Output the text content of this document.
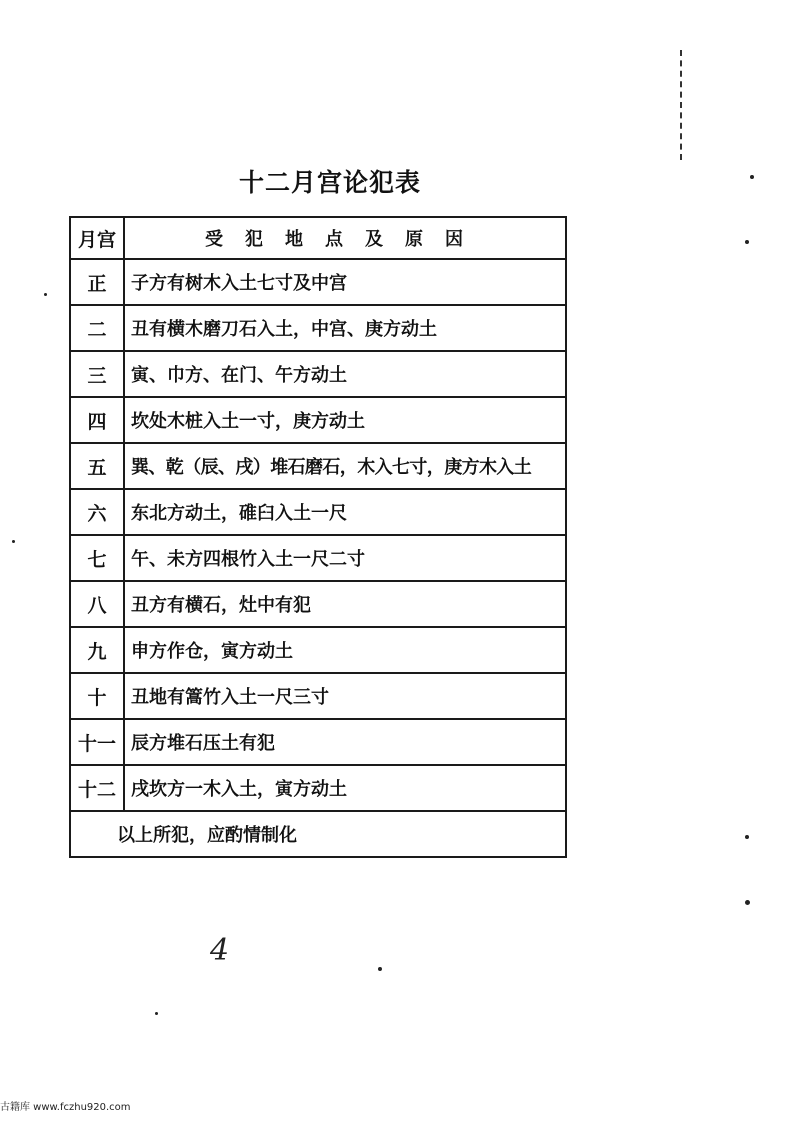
十二月宫论犯表
月宫	受犯地点及原因
正	子方有树木入土七寸及中宫
二	丑有横木磨刀石入土，中宫、庚方动土
三	寅、巾方、在门、午方动土
四	坎处木桩入土一寸，庚方动土
五	巽、乾（辰、戌）堆石磨石，木入七寸，庚方木入土
六	东北方动土，碓臼入土一尺
七	午、未方四根竹入土一尺二寸
八	丑方有横石，灶中有犯
九	申方作仓，寅方动土
十	丑地有篙竹入土一尺三寸
十一	辰方堆石压土有犯
十二	戌坎方一木入土，寅方动土
以上所犯，应酌情制化	
4
古籍库 www.fczhu920.com
